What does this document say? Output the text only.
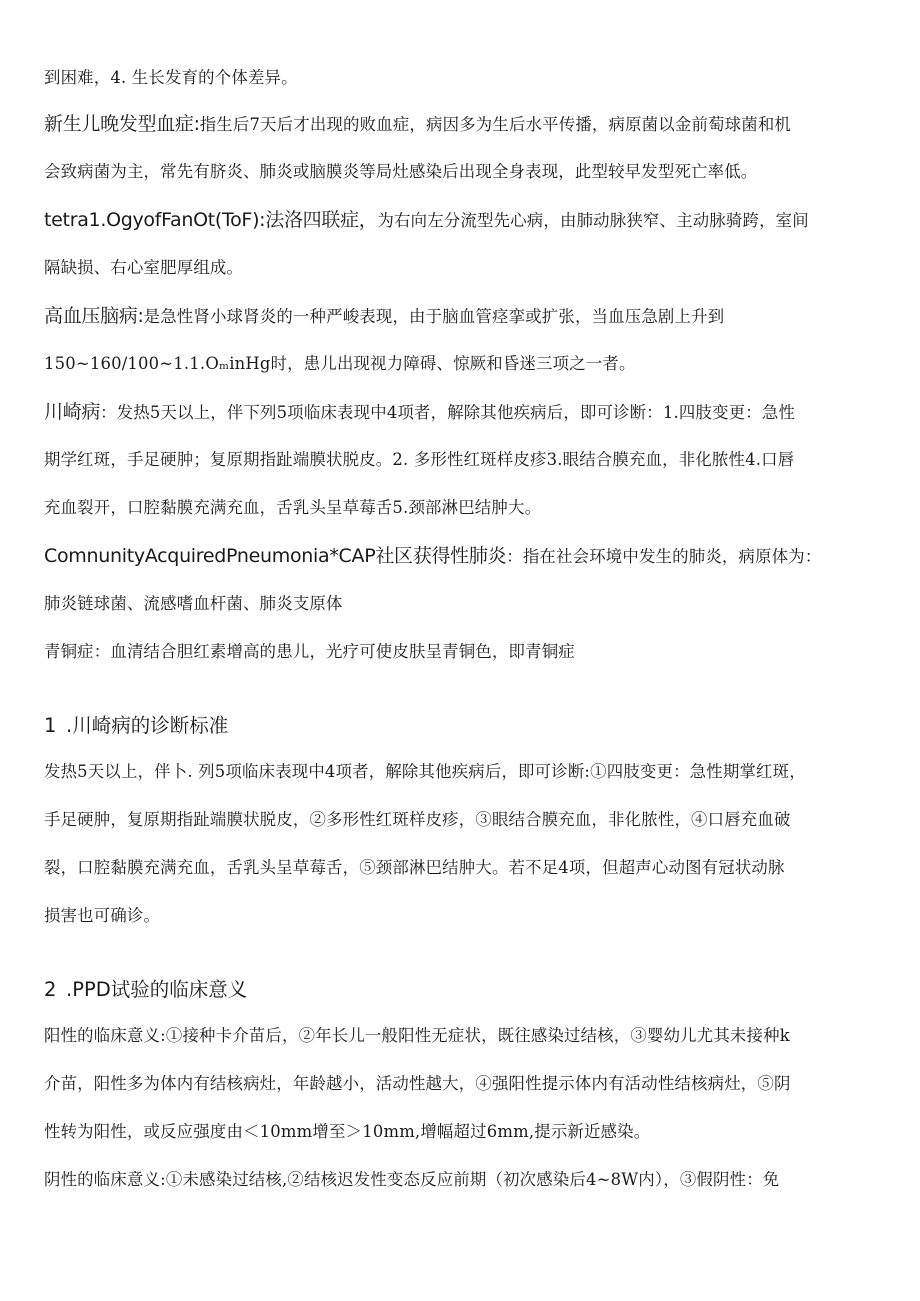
到困难，4. 生长发育的个体差异。
新生儿晚发型血症:指生后7天后才出现的败血症，病因多为生后水平传播，病原菌以金前萄球菌和机
会致病菌为主，常先有脐炎、肺炎或脑膜炎等局灶感染后出现全身表现，此型较早发型死亡率低。
tetra1.OgyofFanOt(ToF):法洛四联症，为右向左分流型先心病，由肺动脉狭窄、主动脉骑跨，室间
隔缺损、右心室肥厚组成。
高血压脑病:是急性肾小球肾炎的一种严峻表现，由于脑血管痉挛或扩张，当血压急剧上升到
150~160/100~1.1.OₘinHg时，患儿出现视力障碍、惊厥和昏迷三项之一者。
川崎病：发热5天以上，伴下列5项临床表现中4项者，解除其他疾病后，即可诊断：1.四肢变更：急性
期学红斑，手足硬肿；复原期指趾端膜状脱皮。2. 多形性红斑样皮疹3.眼结合膜充血，非化脓性4.口唇
充血裂开，口腔黏膜充满充血，舌乳头呈草莓舌5.颈部淋巴结肿大。
ComnunityAcquiredPneumonia*CAP社区获得性肺炎：指在社会环境中发生的肺炎，病原体为：
肺炎链球菌、流感嗜血杆菌、肺炎支原体
青铜症：血清结合胆红素增高的患儿，光疗可使皮肤呈青铜色，即青铜症
1 .川崎病的诊断标准
发热5天以上，伴卜. 列5项临床表现中4项者，解除其他疾病后，即可诊断:①四肢变更：急性期掌红斑，
手足硬肿，复原期指趾端膜状脱皮，②多形性红斑样皮疹，③眼结合膜充血，非化脓性，④口唇充血破
裂，口腔黏膜充满充血，舌乳头呈草莓舌，⑤颈部淋巴结肿大。若不足4项，但超声心动图有冠状动脉
损害也可确诊。
2 .PPD试验的临床意义
阳性的临床意义:①接种卡介苗后，②年长儿一般阳性无症状，既往感染过结核，③婴幼儿尤其未接种k
介苗，阳性多为体内有结核病灶，年龄越小，活动性越大，④强阳性提示体内有活动性结核病灶，⑤阴
性转为阳性，或反应强度由＜10mm增至＞10mm,增幅超过6mm,提示新近感染。
阴性的临床意义:①未感染过结核,②结核迟发性变态反应前期（初次感染后4~8W内），③假阴性：免
